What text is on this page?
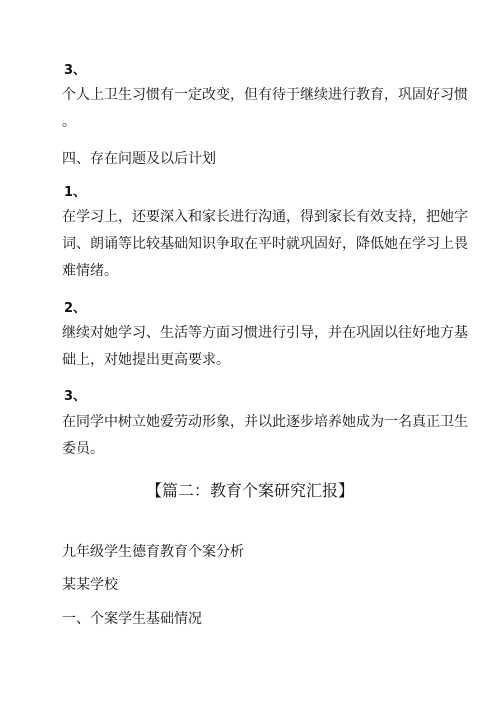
3、
个人上卫生习惯有一定改变，但有待于继续进行教育，巩固好习惯
。
四、存在问题及以后计划
1、
在学习上，还要深入和家长进行沟通，得到家长有效支持，把她字
词、朗诵等比较基础知识争取在平时就巩固好，降低她在学习上畏
难情绪。
2、
继续对她学习、生活等方面习惯进行引导，并在巩固以往好地方基
础上，对她提出更高要求。
3、
在同学中树立她爱劳动形象，并以此逐步培养她成为一名真正卫生
委员。
【篇二：教育个案研究汇报】
九年级学生德育教育个案分析
某某学校
一、个案学生基础情况
